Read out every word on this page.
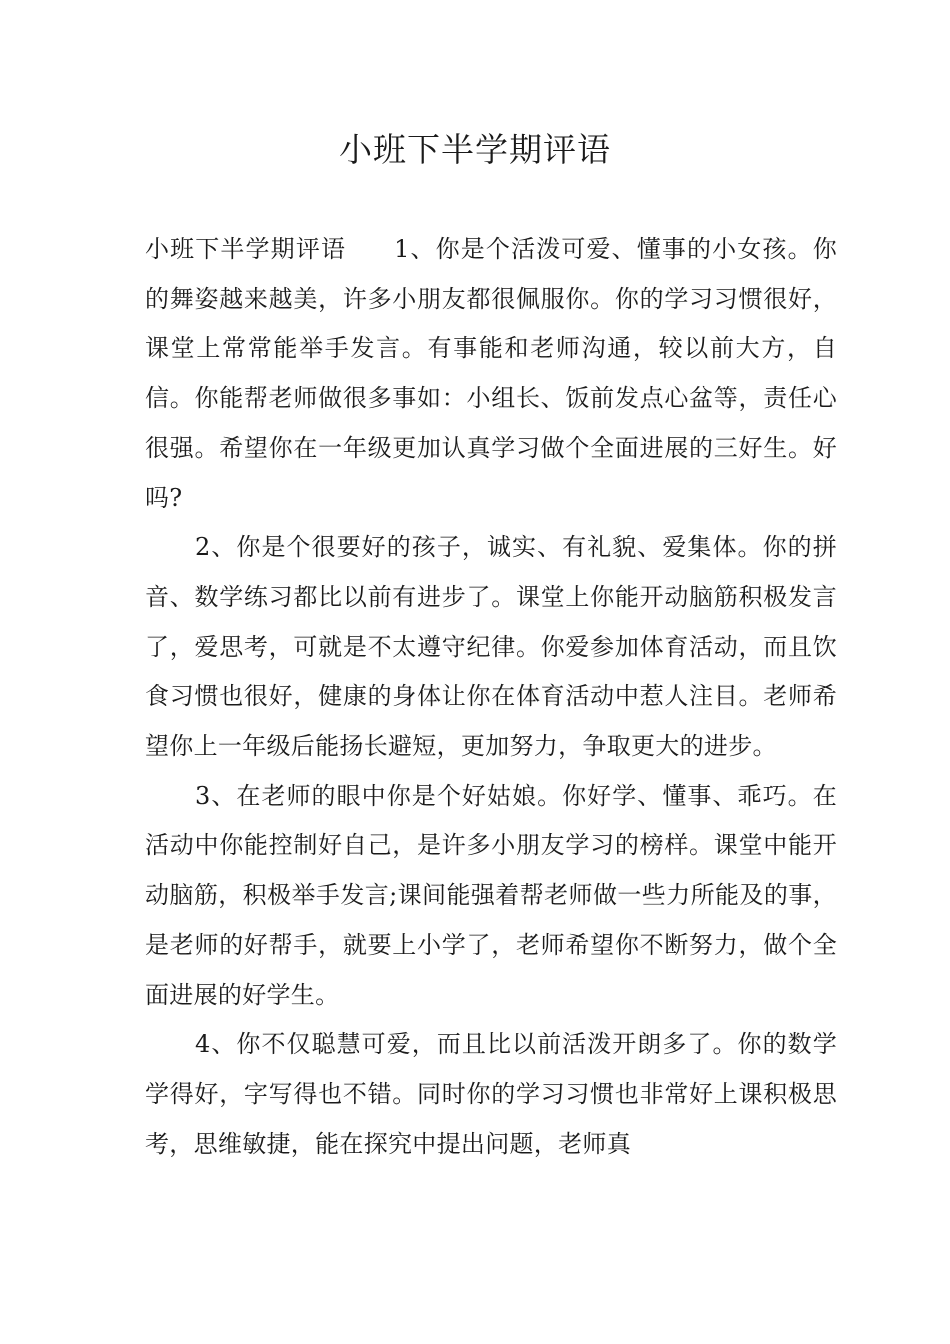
小班下半学期评语

小班下半学期评语 1、你是个活泼可爱、懂事的小女孩。你的舞姿越来越美，许多小朋友都很佩服你。你的学习习惯很好，课堂上常常能举手发言。有事能和老师沟通，较以前大方，自信。你能帮老师做很多事如：小组长、饭前发点心盆等，责任心很强。希望你在一年级更加认真学习做个全面进展的三好生。好吗?

2、你是个很要好的孩子，诚实、有礼貌、爱集体。你的拼音、数学练习都比以前有进步了。课堂上你能开动脑筋积极发言了，爱思考，可就是不太遵守纪律。你爱参加体育活动，而且饮食习惯也很好，健康的身体让你在体育活动中惹人注目。老师希望你上一年级后能扬长避短，更加努力，争取更大的进步。

3、在老师的眼中你是个好姑娘。你好学、懂事、乖巧。在活动中你能控制好自己，是许多小朋友学习的榜样。课堂中能开动脑筋，积极举手发言;课间能强着帮老师做一些力所能及的事，是老师的好帮手，就要上小学了，老师希望你不断努力，做个全面进展的好学生。

4、你不仅聪慧可爱，而且比以前活泼开朗多了。你的数学学得好，字写得也不错。同时你的学习习惯也非常好上课积极思考，思维敏捷，能在探究中提出问题，老师真
